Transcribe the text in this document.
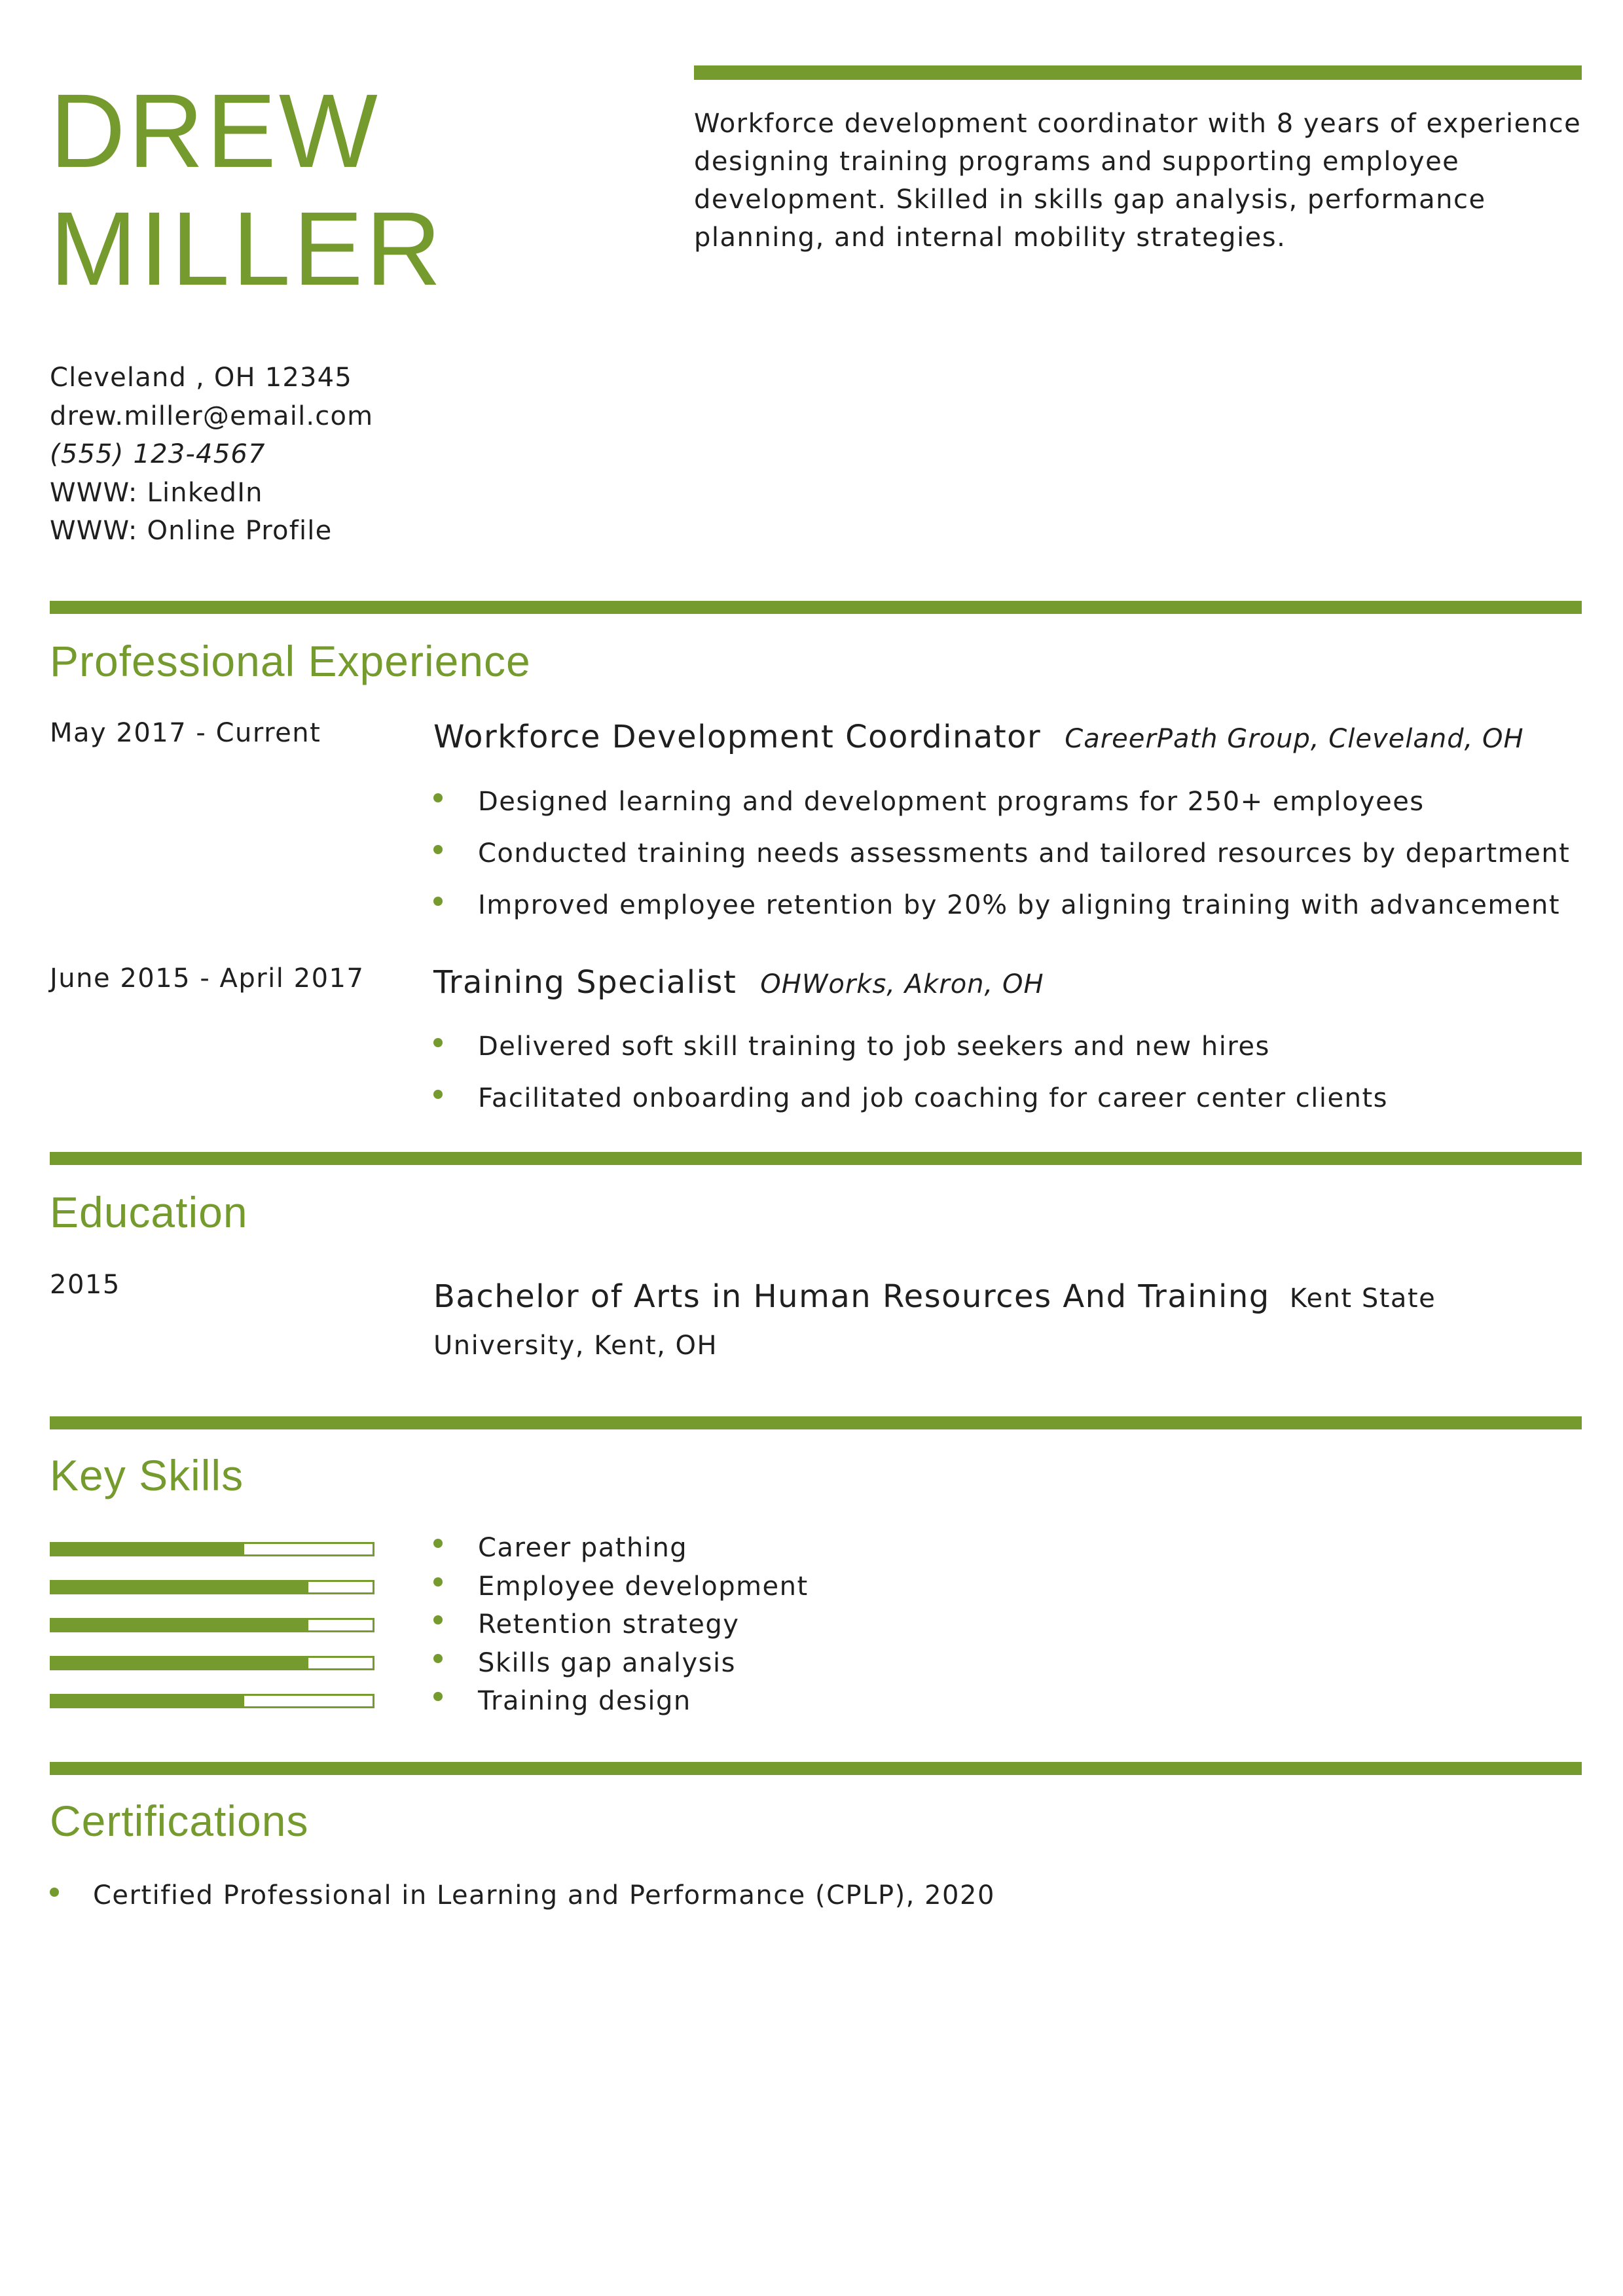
DREW
MILLER

Workforce development coordinator with 8 years of experience designing training programs and supporting employee development. Skilled in skills gap analysis, performance planning, and internal mobility strategies.

Cleveland , OH 12345
drew.miller@email.com
(555) 123-4567
WWW: LinkedIn
WWW: Online Profile
Professional Experience
May 2017 - Current	Workforce Development Coordinator CareerPath Group, Cleveland, OH
Designed learning and development programs for 250+ employees
Conducted training needs assessments and tailored resources by department
Improved employee retention by 20% by aligning training with advancement
June 2015 - April 2017 Training Specialist OHWorks, Akron, OH
Delivered soft skill training to job seekers and new hires
Facilitated onboarding and job coaching for career center clients
Education
2015	Bachelor of Arts in Human Resources And Training Kent State University, Kent, OH
Key Skills
Career pathing
Employee development
Retention strategy
Skills gap analysis
Training design
Certifications
Certified Professional in Learning and Performance (CPLP), 2020
